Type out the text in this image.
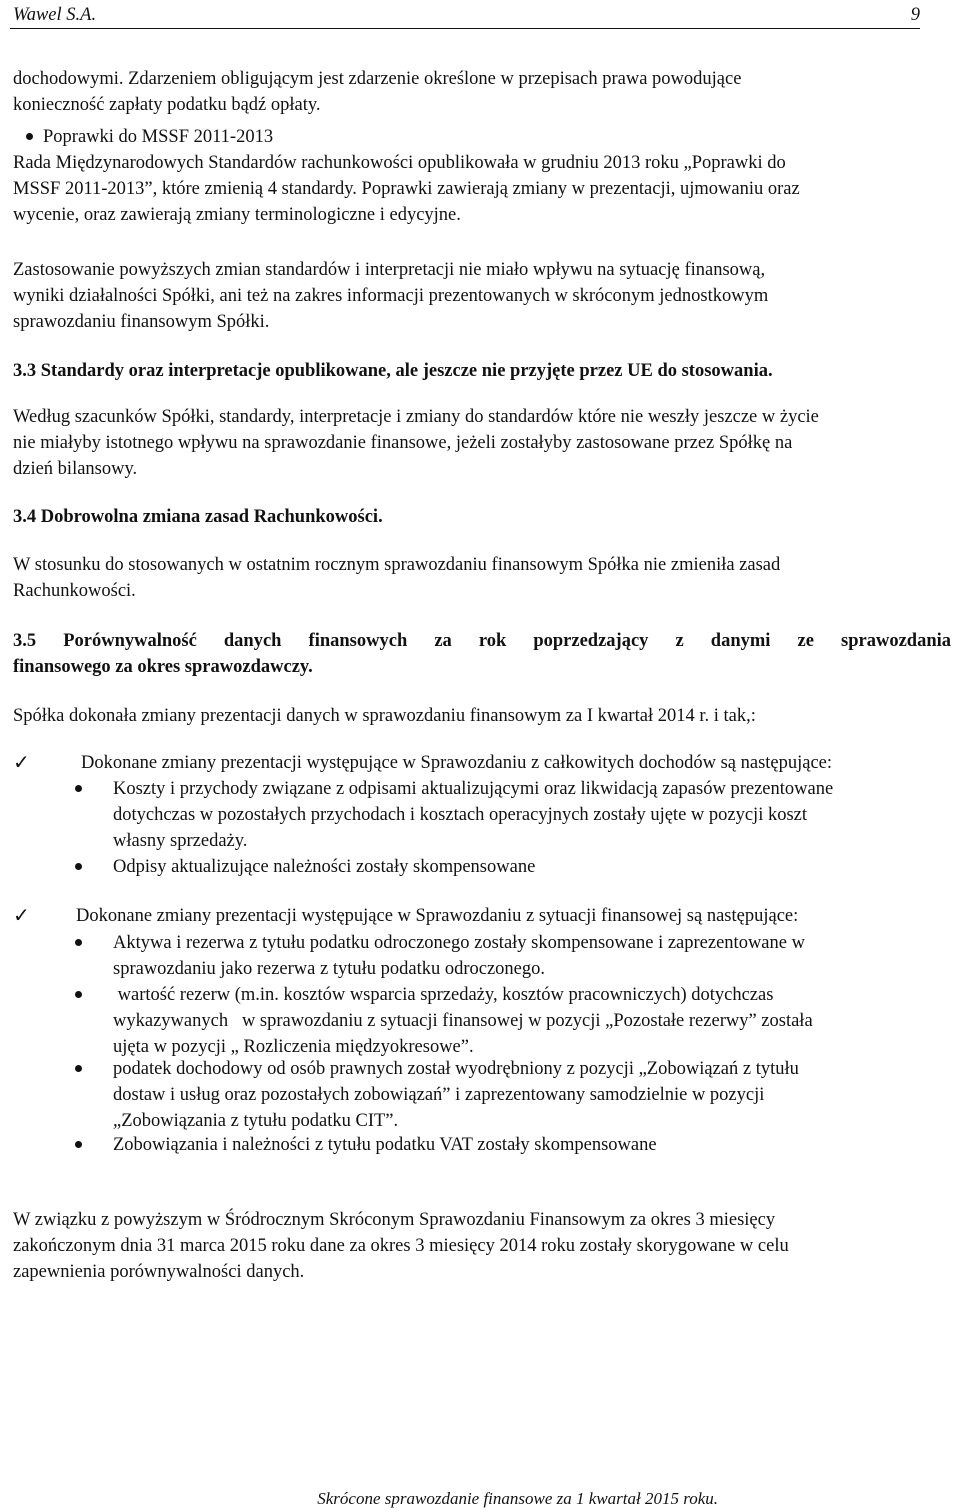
Wawel S.A.	9
dochodowymi. Zdarzeniem obligującym jest zdarzenie określone w przepisach prawa powodujące
konieczność zapłaty podatku bądź opłaty.
Poprawki do MSSF 2011-2013
Rada Międzynarodowych Standardów rachunkowości opublikowała w grudniu 2013 roku „Poprawki do
MSSF 2011-2013”, które zmienią 4 standardy. Poprawki zawierają zmiany w prezentacji, ujmowaniu oraz
wycenie, oraz zawierają zmiany terminologiczne i edycyjne.
Zastosowanie powyższych zmian standardów i interpretacji nie miało wpływu na sytuację finansową,
wyniki działalności Spółki, ani też na zakres informacji prezentowanych w skróconym jednostkowym
sprawozdaniu finansowym Spółki.
3.3 Standardy oraz interpretacje opublikowane, ale jeszcze nie przyjęte przez UE do stosowania.
Według szacunków Spółki, standardy, interpretacje i zmiany do standardów które nie weszły jeszcze w życie
nie miałyby istotnego wpływu na sprawozdanie finansowe, jeżeli zostałyby zastosowane przez Spółkę na
dzień bilansowy.
3.4 Dobrowolna zmiana zasad Rachunkowości.
W stosunku do stosowanych w ostatnim rocznym sprawozdaniu finansowym Spółka nie zmieniła zasad
Rachunkowości.
3.5 Porównywalność danych finansowych za rok poprzedzający z danymi ze sprawozdania
finansowego za okres sprawozdawczy.
Spółka dokonała zmiany prezentacji danych w sprawozdaniu finansowym za I kwartał 2014 r. i tak,:
✓	Dokonane zmiany prezentacji występujące w Sprawozdaniu z całkowitych dochodów są następujące:
Koszty i przychody związane z odpisami aktualizującymi oraz likwidacją zapasów prezentowane
dotychczas w pozostałych przychodach i kosztach operacyjnych zostały ujęte w pozycji koszt
własny sprzedaży.
Odpisy aktualizujące należności zostały skompensowane
✓ Dokonane zmiany prezentacji występujące w Sprawozdaniu z sytuacji finansowej są następujące:
Aktywa i rezerwa z tytułu podatku odroczonego zostały skompensowane i zaprezentowane w
sprawozdaniu jako rezerwa z tytułu podatku odroczonego.
wartość rezerw (m.in. kosztów wsparcia sprzedaży, kosztów pracowniczych) dotychczas
wykazywanych   w sprawozdaniu z sytuacji finansowej w pozycji „Pozostałe rezerwy” została
ujęta w pozycji „ Rozliczenia międzyokresowe”.
podatek dochodowy od osób prawnych został wyodrębniony z pozycji „Zobowiązań z tytułu
dostaw i usług oraz pozostałych zobowiązań” i zaprezentowany samodzielnie w pozycji
„Zobowiązania z tytułu podatku CIT”.
Zobowiązania i należności z tytułu podatku VAT zostały skompensowane
W związku z powyższym w Śródrocznym Skróconym Sprawozdaniu Finansowym za okres 3 miesięcy
zakończonym dnia 31 marca 2015 roku dane za okres 3 miesięcy 2014 roku zostały skorygowane w celu
zapewnienia porównywalności danych.
Skrócone sprawozdanie finansowe za 1 kwartał 2015 roku.
